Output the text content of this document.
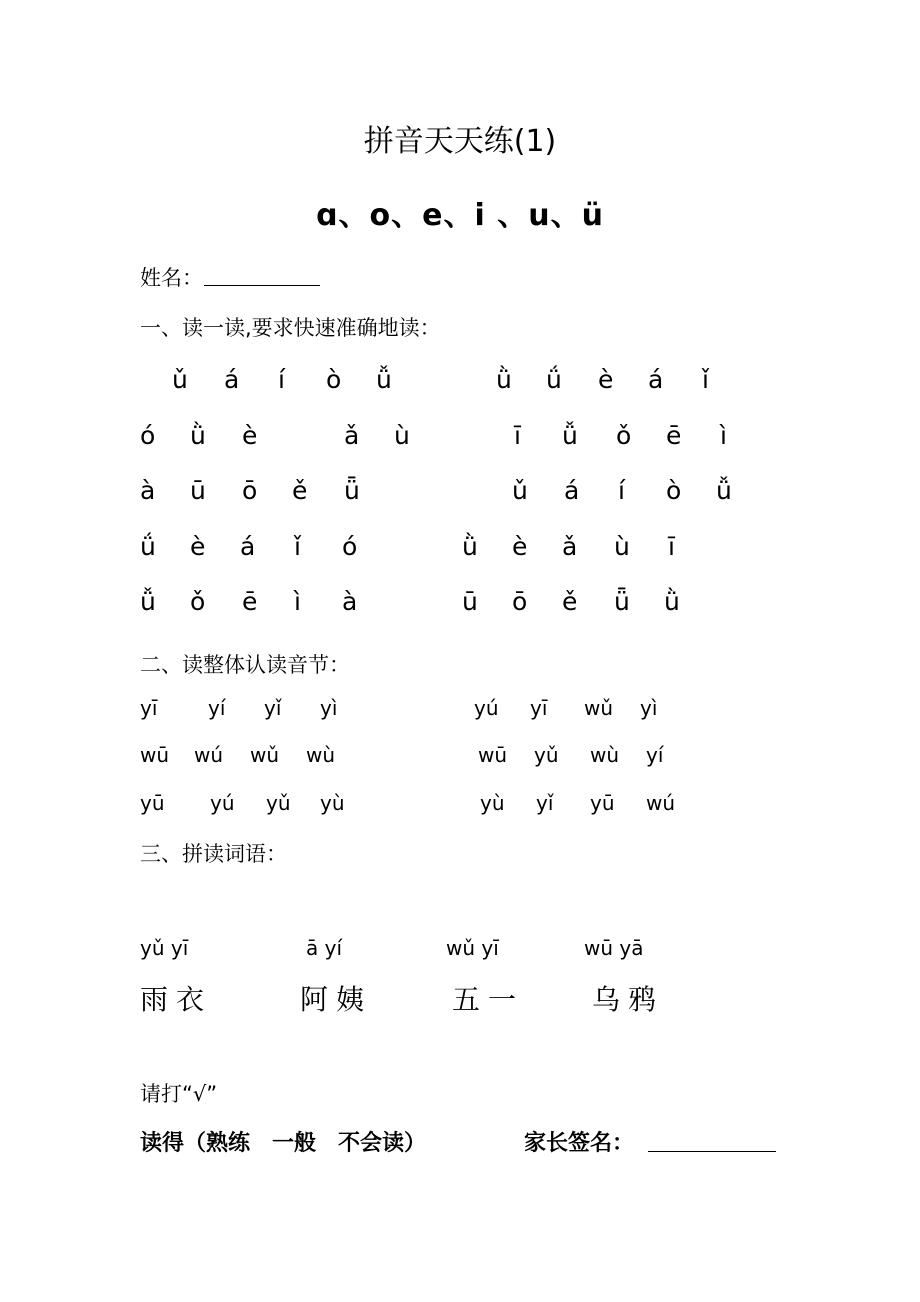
拼音天天练(1)
ɑ、o、e、i 、u、ü
姓名：
一、读一读,要求快速准确地读：
ǔ á í ò ǚ	ǜ ǘ è á ǐ
ó ǜ è	ǎ ù	ī ǚ ǒ ē ì
à ū ō ě ǖ	ǔ á í ò ǚ
ǘ è á ǐ ó	ǜ è ǎ ù ī
ǚ ǒ ē ì à	ū ō ě ǖ ǜ
二、读整体认读音节：
yī	yí yǐ yì	yú yī wǔ yì
wū wú wǔ wù	wū yǔ wù yí
yū yú yǔ yù	yù yǐ yū wú
三、拼读词语：
yǔ yī	ā yí	wǔ yī	wū yā
雨衣	阿姨	五一 乌鸦
请打“√”
读得（熟练　一般　不会读）	家长签名：
